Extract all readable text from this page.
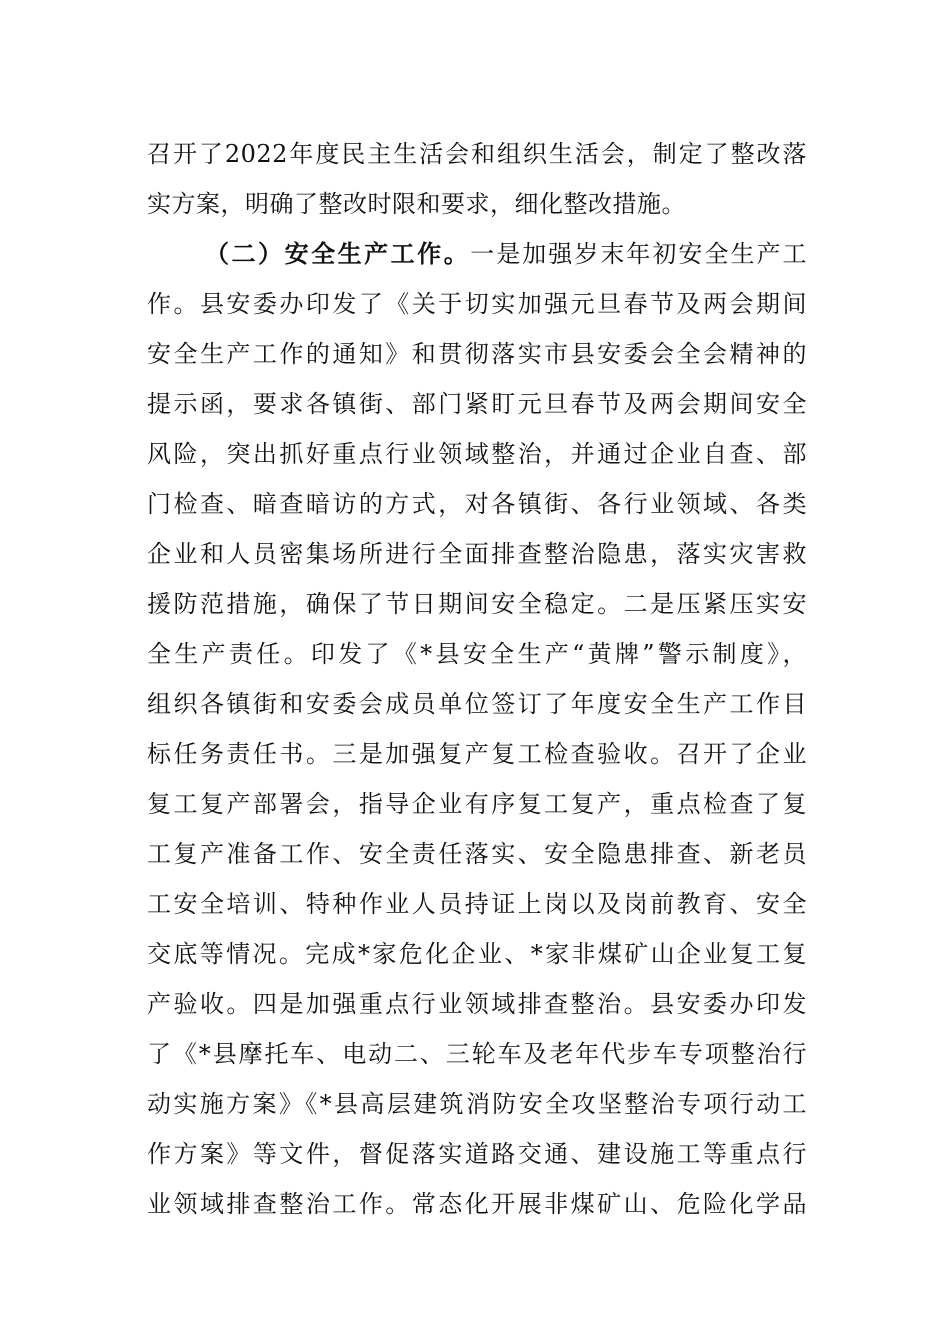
召开了2022年度民主生活会和组织生活会，制定了整改落
实方案，明确了整改时限和要求，细化整改措施。
（二）安全生产工作。一是加强岁末年初安全生产工
作。县安委办印发了《关于切实加强元旦春节及两会期间
安全生产工作的通知》和贯彻落实市县安委会全会精神的
提示函，要求各镇街、部门紧盯元旦春节及两会期间安全
风险，突出抓好重点行业领域整治，并通过企业自查、部
门检查、暗查暗访的方式，对各镇街、各行业领域、各类
企业和人员密集场所进行全面排查整治隐患，落实灾害救
援防范措施，确保了节日期间安全稳定。二是压紧压实安
全生产责任。印发了《*县安全生产“黄牌”警示制度》，
组织各镇街和安委会成员单位签订了年度安全生产工作目
标任务责任书。三是加强复产复工检查验收。召开了企业
复工复产部署会，指导企业有序复工复产，重点检查了复
工复产准备工作、安全责任落实、安全隐患排查、新老员
工安全培训、特种作业人员持证上岗以及岗前教育、安全
交底等情况。完成*家危化企业、*家非煤矿山企业复工复
产验收。四是加强重点行业领域排查整治。县安委办印发
了《*县摩托车、电动二、三轮车及老年代步车专项整治行
动实施方案》《*县高层建筑消防安全攻坚整治专项行动工
作方案》等文件，督促落实道路交通、建设施工等重点行
业领域排查整治工作。常态化开展非煤矿山、危险化学品
